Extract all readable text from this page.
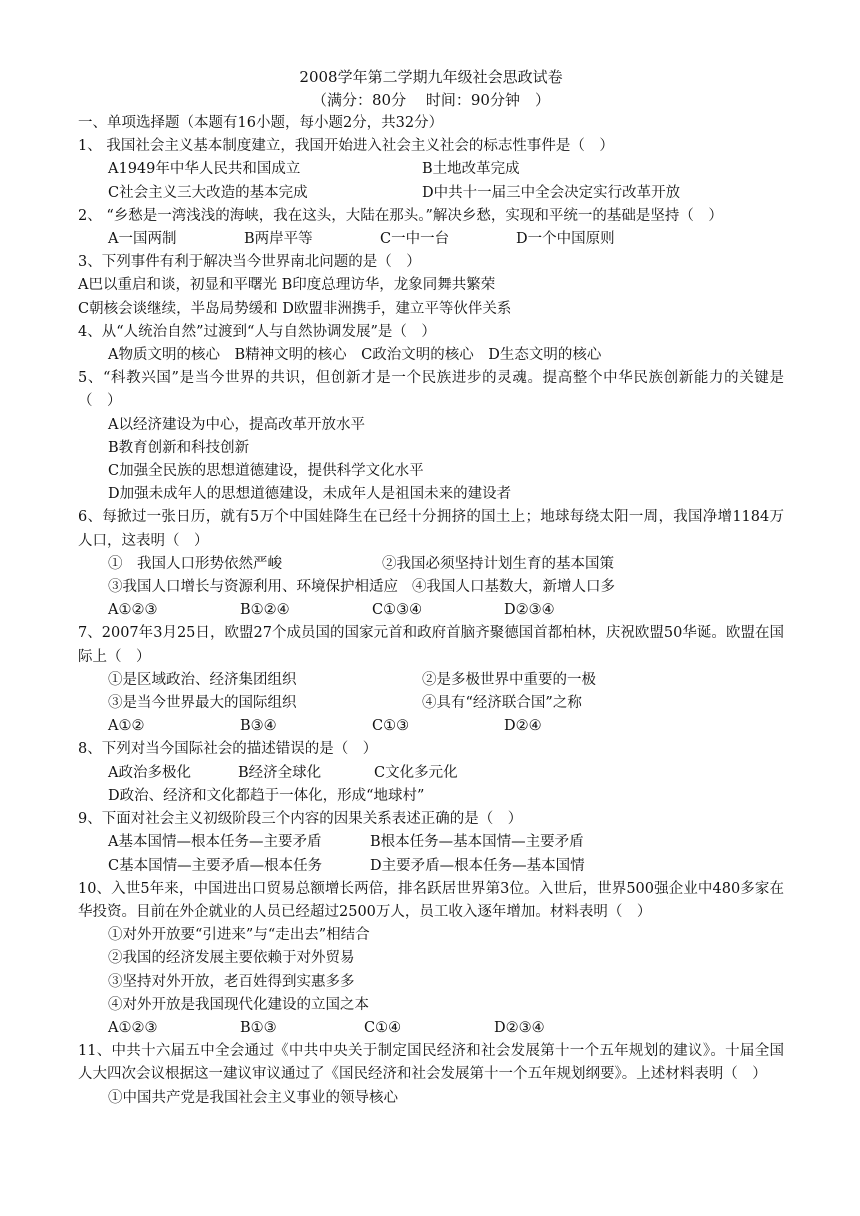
2008学年第二学期九年级社会思政试卷
（满分：80分　 时间：90分钟　）
一、单项选择题（本题有16小题，每小题2分，共32分）
1、 我国社会主义基本制度建立，我国开始进入社会主义社会的标志性事件是（　）
A1949年中华人民共和国成立	B土地改革完成
C社会主义三大改造的基本完成	D中共十一届三中全会决定实行改革开放
2、 “乡愁是一湾浅浅的海峡，我在这头，大陆在那头。”解决乡愁，实现和平统一的基础是坚持（　）
A一国两制	B两岸平等	C一中一台	D一个中国原则
3、下列事件有利于解决当今世界南北问题的是（　）
A巴以重启和谈，初显和平曙光 B印度总理访华，龙象同舞共繁荣
C朝核会谈继续，半岛局势缓和 D欧盟非洲携手，建立平等伙伴关系
4、从“人统治自然”过渡到“人与自然协调发展”是（　）
A物质文明的核心　B精神文明的核心　C政治文明的核心　D生态文明的核心
5、“科教兴国”是当今世界的共识，但创新才是一个民族进步的灵魂。提高整个中华民族创新能力的关键是（　）
A以经济建设为中心，提高改革开放水平
B教育创新和科技创新
C加强全民族的思想道德建设，提供科学文化水平
D加强未成年人的思想道德建设，未成年人是祖国未来的建设者
6、每掀过一张日历，就有5万个中国娃降生在已经十分拥挤的国土上；地球每绕太阳一周，我国净增1184万人口，这表明（　）
①　我国人口形势依然严峻	②我国必须坚持计划生育的基本国策
③我国人口增长与资源利用、环境保护相适应 ④我国人口基数大，新增人口多
A①②③	B①②④	C①③④	D②③④
7、2007年3月25日，欧盟27个成员国的国家元首和政府首脑齐聚德国首都柏林，庆祝欧盟50华诞。欧盟在国际上（　）
①是区域政治、经济集团组织	②是多极世界中重要的一极
③是当今世界最大的国际组织	④具有“经济联合国”之称
A①②	B③④	C①③	D②④
8、下列对当今国际社会的描述错误的是（　）
A政治多极化	B经济全球化	C文化多元化
D政治、经济和文化都趋于一体化，形成“地球村”
9、下面对社会主义初级阶段三个内容的因果关系表述正确的是（　）
A基本国情—根本任务—主要矛盾	B根本任务—基本国情—主要矛盾
C基本国情—主要矛盾—根本任务	D主要矛盾—根本任务—基本国情
10、入世5年来，中国进出口贸易总额增长两倍，排名跃居世界第3位。入世后，世界500强企业中480多家在华投资。目前在外企就业的人员已经超过2500万人，员工收入逐年增加。材料表明（　）
①对外开放要“引进来”与“走出去”相结合
②我国的经济发展主要依赖于对外贸易
③坚持对外开放，老百姓得到实惠多多
④对外开放是我国现代化建设的立国之本
A①②③	B①③	C①④	D②③④
11、中共十六届五中全会通过《中共中央关于制定国民经济和社会发展第十一个五年规划的建议》。十届全国人大四次会议根据这一建议审议通过了《国民经济和社会发展第十一个五年规划纲要》。上述材料表明（　）
①中国共产党是我国社会主义事业的领导核心
